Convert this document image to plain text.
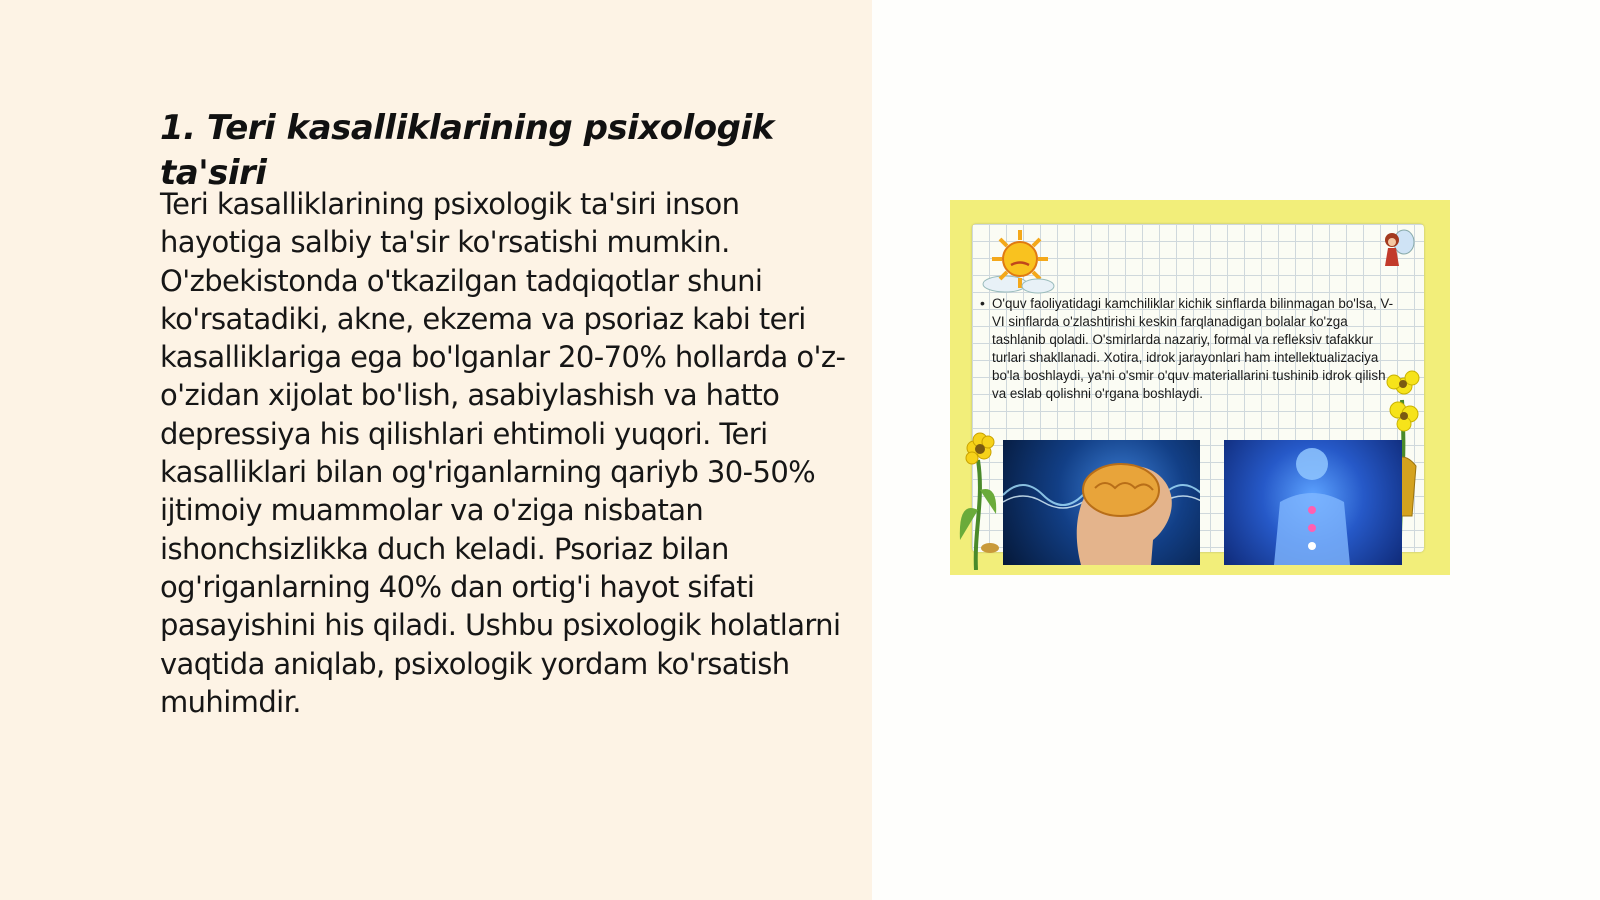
1. Teri kasalliklarining psixologik ta'siri

Teri kasalliklarining psixologik ta'siri inson hayotiga salbiy ta'sir ko'rsatishi mumkin. O'zbekistonda o'tkazilgan tadqiqotlar shuni ko'rsatadiki, akne, ekzema va psoriaz kabi teri kasalliklariga ega bo'lganlar 20-70% hollarda o'z-o'zidan xijolat bo'lish, asabiylashish va hatto depressiya his qilishlari ehtimoli yuqori. Teri kasalliklari bilan og'riganlarning qariyb 30-50% ijtimoiy muammolar va o'ziga nisbatan ishonchsizlikka duch keladi. Psoriaz bilan og'riganlarning 40% dan ortig'i hayot sifati pasayishini his qiladi. Ushbu psixologik holatlarni vaqtida aniqlab, psixologik yordam ko'rsatish muhimdir.

• O'quv faoliyatidagi kamchiliklar kichik sinflarda bilinmagan bo'lsa, V-VI sinflarda o'zlashtirishi keskin farqlanadigan bolalar ko'zga tashlanib qoladi. O'smirlarda nazariy, formal va refleksiv tafakkur turlari shakllanadi. Xotira, idrok jarayonlari ham intellektualizaciya bo'la boshlaydi, ya'ni o'smir o'quv materiallarini tushinib idrok qilish va eslab qolishni o'rgana boshlaydi.
